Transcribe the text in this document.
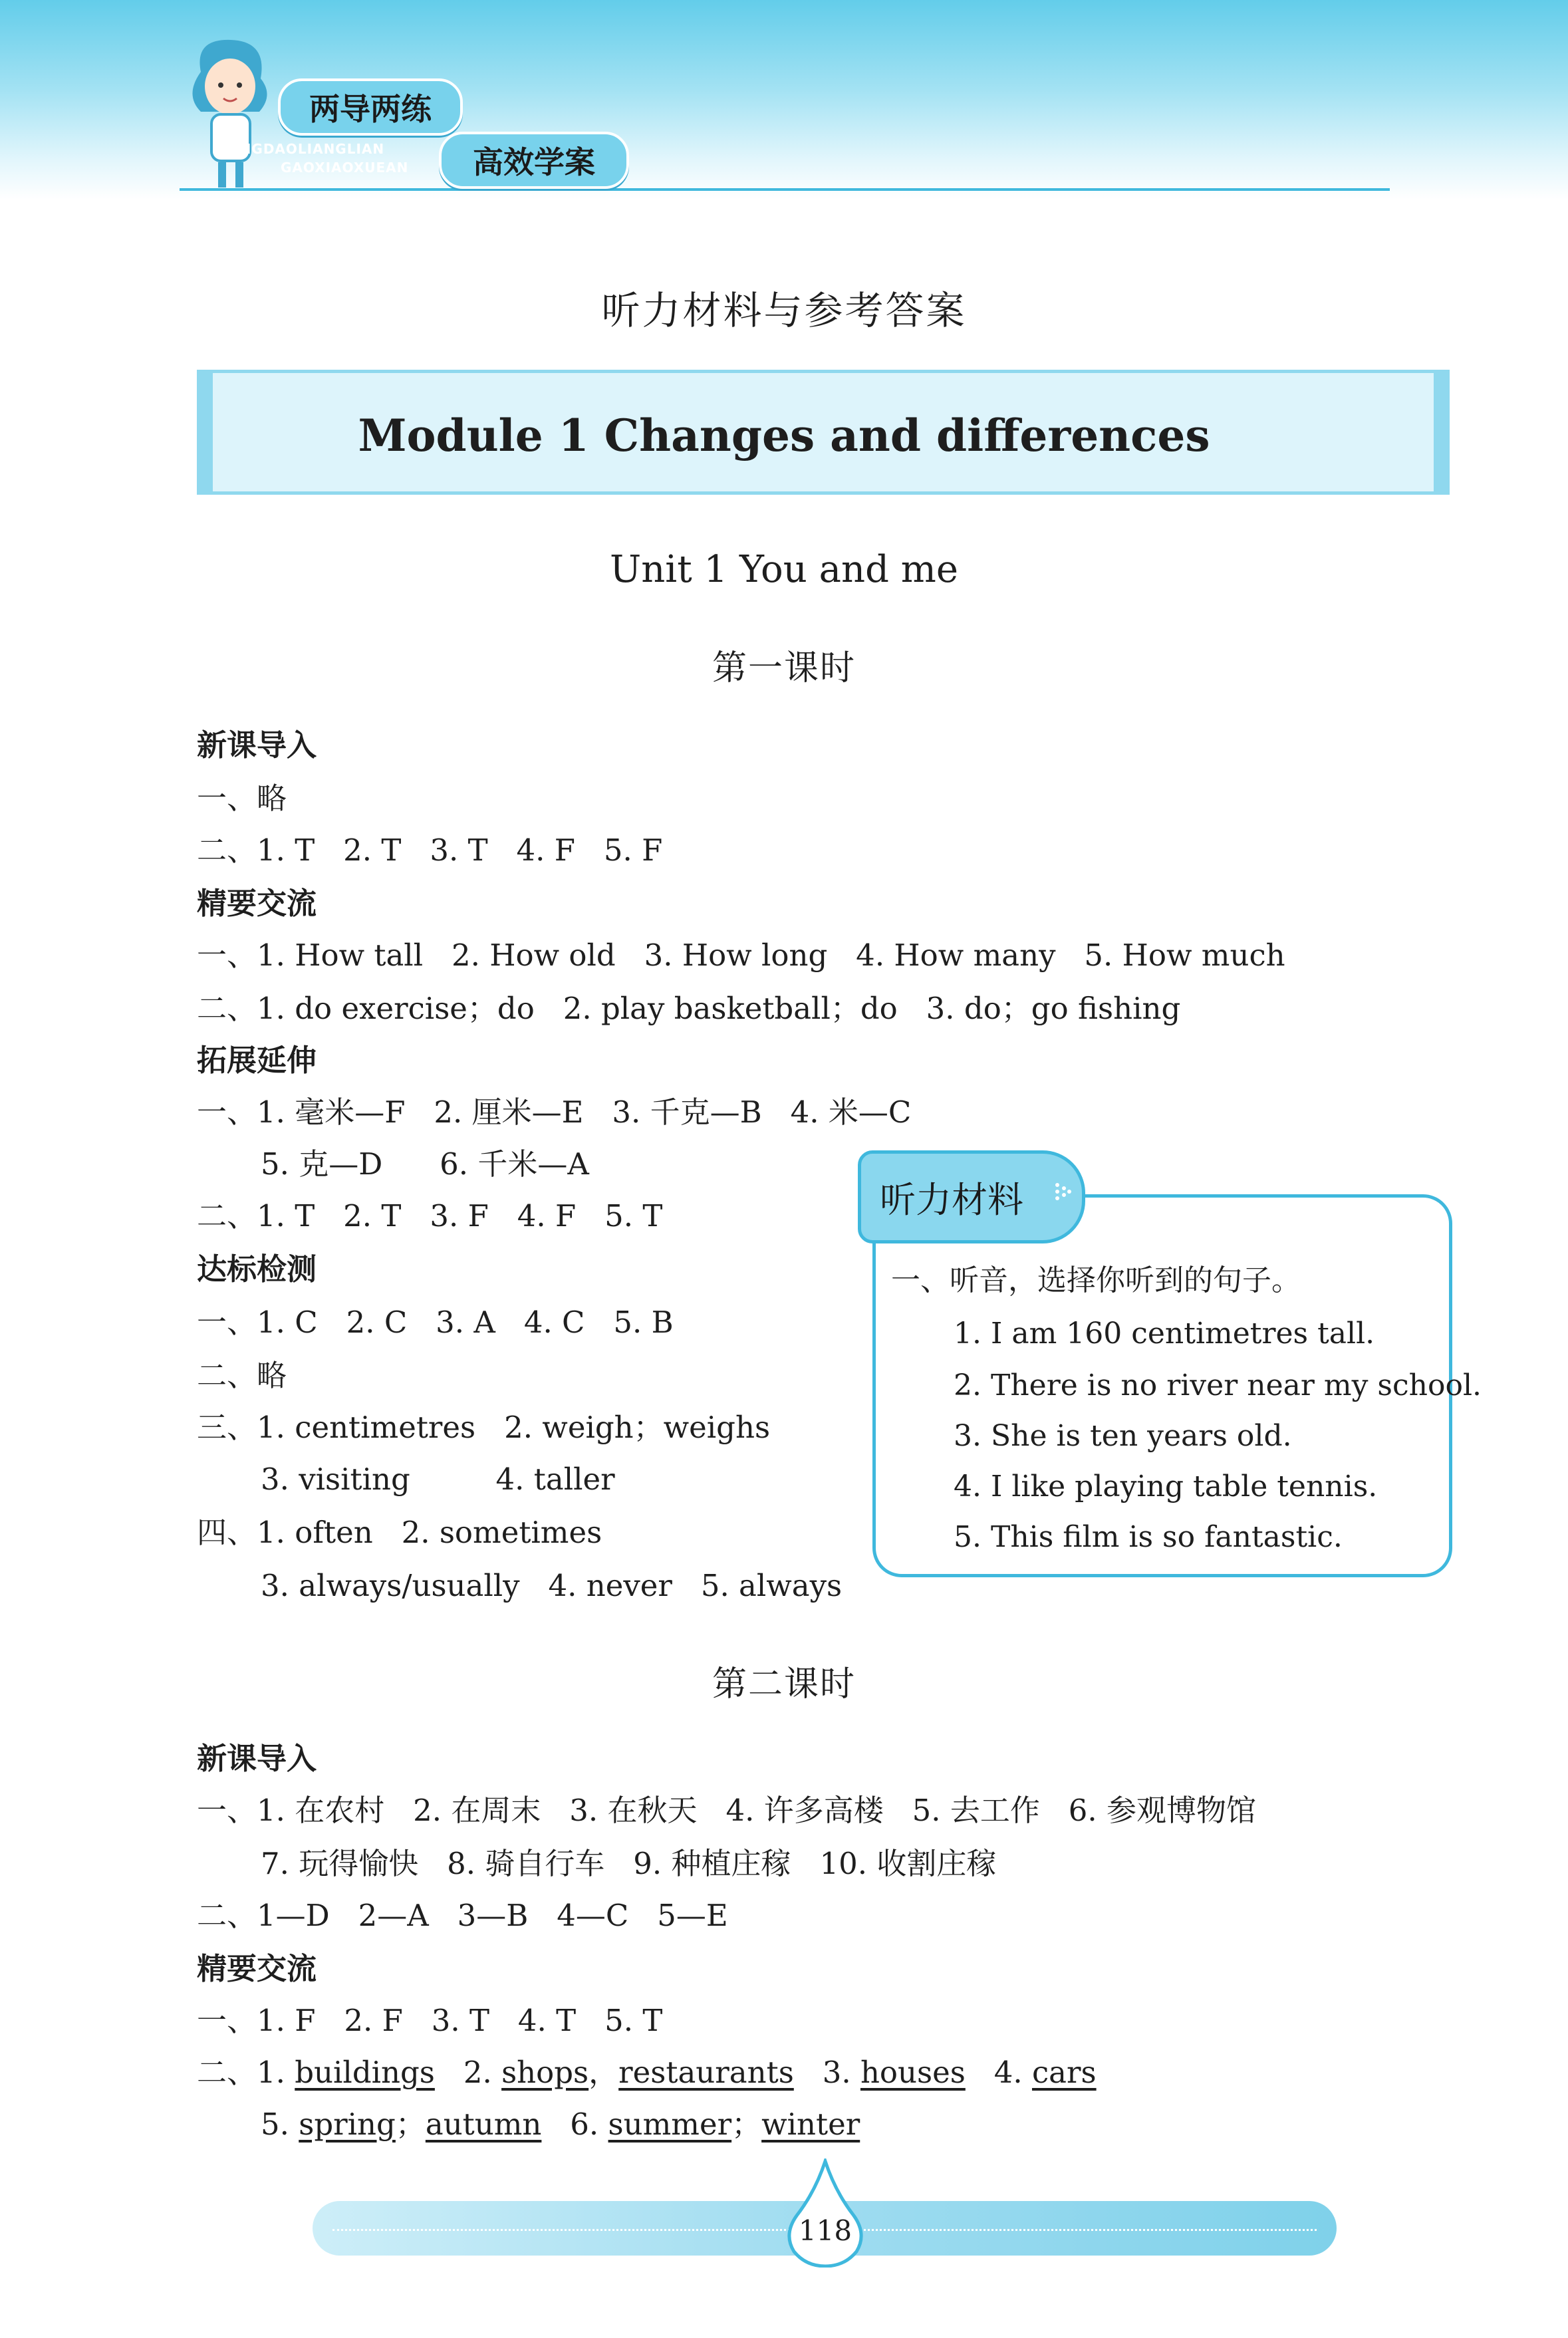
两导两练
高效学案
LIANGDAOLIANGLIAN
GAOXIAOXUEAN
听力材料与参考答案
Module 1 Changes and differences
Unit 1 You and me
第一课时
新课导入
一、略
二、1. T   2. T   3. T   4. F   5. F
精要交流
一、1. How tall   2. How old   3. How long   4. How many   5. How much
二、1. do exercise；do   2. play basketball；do   3. do；go fishing
拓展延伸
一、1. 毫米—F   2. 厘米—E   3. 千克—B   4. 米—C
5. 克—D      6. 千米—A
二、1. T   2. T   3. F   4. F   5. T
达标检测
一、1. C   2. C   3. A   4. C   5. B
二、略
三、1. centimetres   2. weigh；weighs
3. visiting         4. taller
四、1. often   2. sometimes
3. always/usually   4. never   5. always
听力材料
一、听音，选择你听到的句子。
1. I am 160 centimetres tall.
2. There is no river near my school.
3. She is ten years old.
4. I like playing table tennis.
5. This film is so fantastic.
第二课时
新课导入
一、1. 在农村   2. 在周末   3. 在秋天   4. 许多高楼   5. 去工作   6. 参观博物馆
7. 玩得愉快   8. 骑自行车   9. 种植庄稼   10. 收割庄稼
二、1—D   2—A   3—B   4—C   5—E
精要交流
一、1. F   2. F   3. T   4. T   5. T
二、1. buildings   2. shops，restaurants   3. houses   4. cars
5. spring；autumn   6. summer；winter
118
